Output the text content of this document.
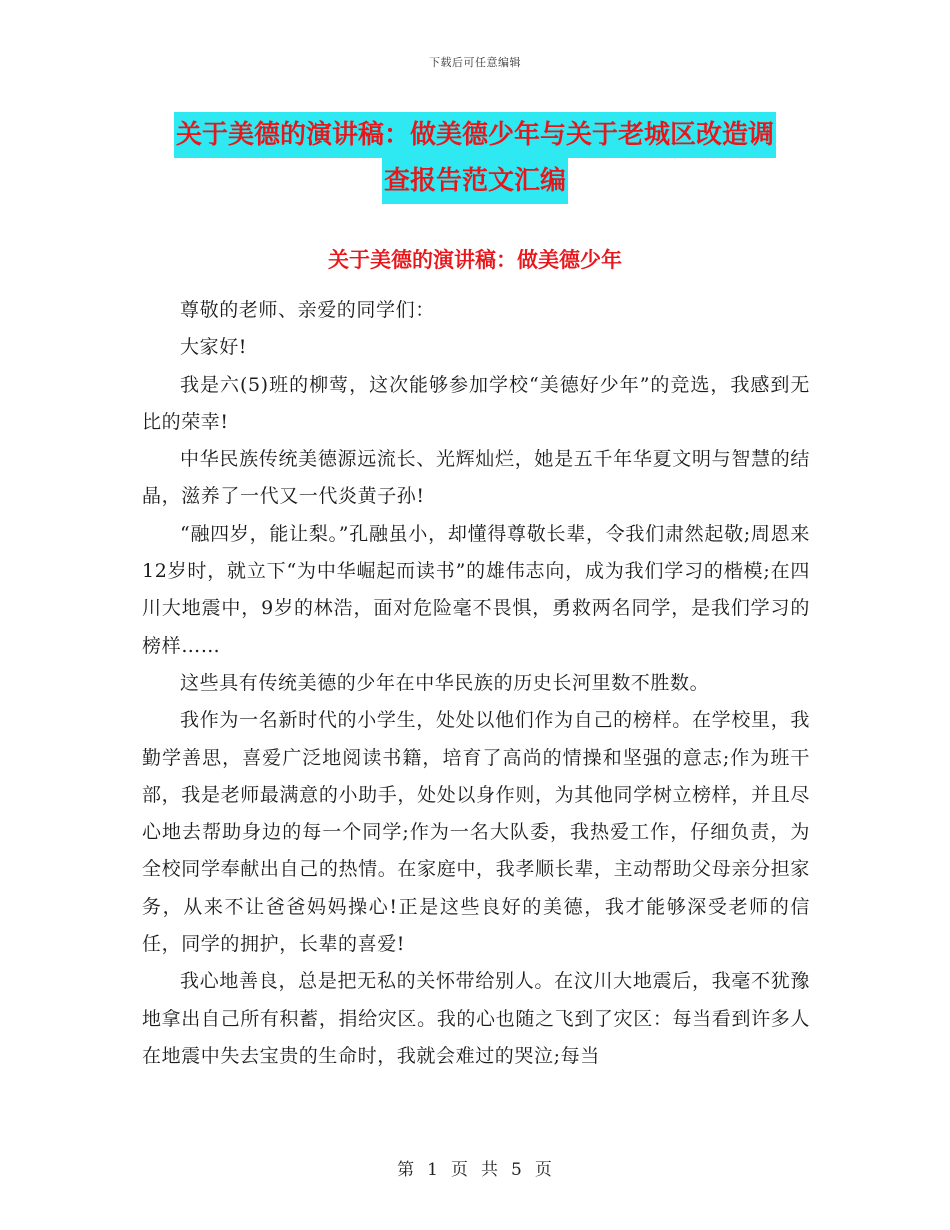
下载后可任意编辑
关于美德的演讲稿：做美德少年与关于老城区改造调
查报告范文汇编
关于美德的演讲稿：做美德少年

尊敬的老师、亲爱的同学们：

大家好!

我是六(5)班的柳莺，这次能够参加学校“美德好少年”的竞选，我感到无比的荣幸!

中华民族传统美德源远流长、光辉灿烂，她是五千年华夏文明与智慧的结晶，滋养了一代又一代炎黄子孙!

“融四岁，能让梨。”孔融虽小，却懂得尊敬长辈，令我们肃然起敬;周恩来12岁时，就立下“为中华崛起而读书”的雄伟志向，成为我们学习的楷模;在四川大地震中，9岁的林浩，面对危险毫不畏惧，勇救两名同学，是我们学习的榜样……

这些具有传统美德的少年在中华民族的历史长河里数不胜数。

我作为一名新时代的小学生，处处以他们作为自己的榜样。在学校里，我勤学善思，喜爱广泛地阅读书籍，培育了高尚的情操和坚强的意志;作为班干部，我是老师最满意的小助手，处处以身作则，为其他同学树立榜样，并且尽心地去帮助身边的每一个同学;作为一名大队委，我热爱工作，仔细负责，为全校同学奉献出自己的热情。在家庭中，我孝顺长辈，主动帮助父母亲分担家务，从来不让爸爸妈妈操心!正是这些良好的美德，我才能够深受老师的信任，同学的拥护，长辈的喜爱!

我心地善良，总是把无私的关怀带给别人。在汶川大地震后，我毫不犹豫地拿出自己所有积蓄，捐给灾区。我的心也随之飞到了灾区：每当看到许多人在地震中失去宝贵的生命时，我就会难过的哭泣;每当

第 1 页 共 5 页
